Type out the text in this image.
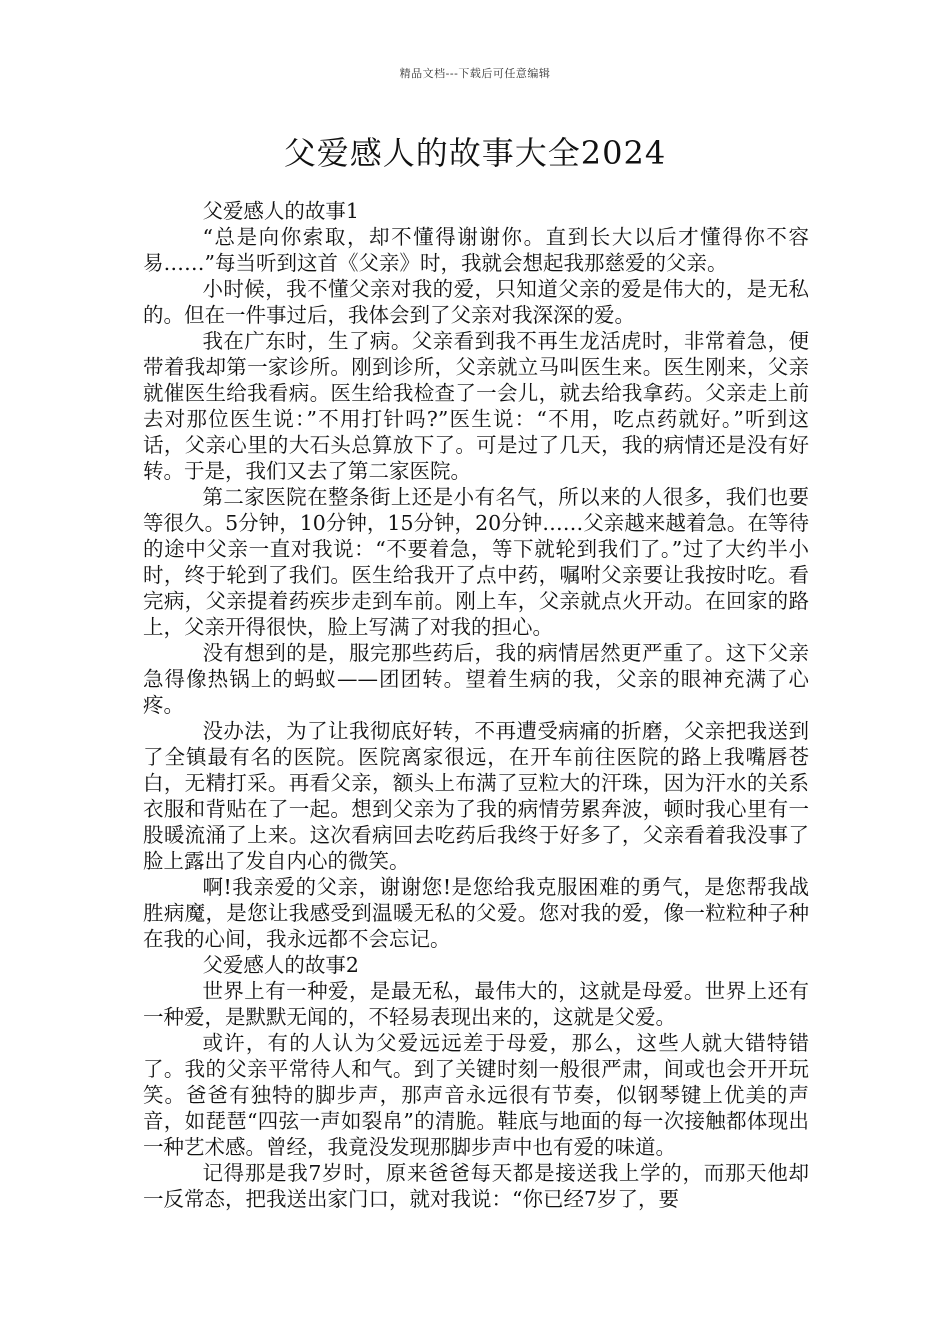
精品文档---下载后可任意编辑
父爱感人的故事大全2024

父爱感人的故事1

“总是向你索取，却不懂得谢谢你。直到长大以后才懂得你不容易……”每当听到这首《父亲》时，我就会想起我那慈爱的父亲。

小时候，我不懂父亲对我的爱，只知道父亲的爱是伟大的，是无私的。但在一件事过后，我体会到了父亲对我深深的爱。

我在广东时，生了病。父亲看到我不再生龙活虎时，非常着急，便带着我却第一家诊所。刚到诊所，父亲就立马叫医生来。医生刚来，父亲就催医生给我看病。医生给我检查了一会儿，就去给我拿药。父亲走上前去对那位医生说：”不用打针吗?”医生说：“不用，吃点药就好。”听到这话，父亲心里的大石头总算放下了。可是过了几天，我的病情还是没有好转。于是，我们又去了第二家医院。

第二家医院在整条街上还是小有名气，所以来的人很多，我们也要等很久。5分钟，10分钟，15分钟，20分钟……父亲越来越着急。在等待的途中父亲一直对我说：“不要着急，等下就轮到我们了。”过了大约半小时，终于轮到了我们。医生给我开了点中药，嘱咐父亲要让我按时吃。看完病，父亲提着药疾步走到车前。刚上车，父亲就点火开动。在回家的路上，父亲开得很快，脸上写满了对我的担心。

没有想到的是，服完那些药后，我的病情居然更严重了。这下父亲急得像热锅上的蚂蚁——团团转。望着生病的我，父亲的眼神充满了心疼。

没办法，为了让我彻底好转，不再遭受病痛的折磨，父亲把我送到了全镇最有名的医院。医院离家很远，在开车前往医院的路上我嘴唇苍白，无精打采。再看父亲，额头上布满了豆粒大的汗珠，因为汗水的关系衣服和背贴在了一起。想到父亲为了我的病情劳累奔波，顿时我心里有一股暖流涌了上来。这次看病回去吃药后我终于好多了，父亲看着我没事了脸上露出了发自内心的微笑。

啊!我亲爱的父亲，谢谢您!是您给我克服困难的勇气，是您帮我战胜病魔，是您让我感受到温暖无私的父爱。您对我的爱，像一粒粒种子种在我的心间，我永远都不会忘记。

父爱感人的故事2

世界上有一种爱，是最无私，最伟大的，这就是母爱。世界上还有一种爱，是默默无闻的，不轻易表现出来的，这就是父爱。

或许，有的人认为父爱远远差于母爱，那么，这些人就大错特错了。我的父亲平常待人和气。到了关键时刻一般很严肃，间或也会开开玩笑。爸爸有独特的脚步声，那声音永远很有节奏，似钢琴键上优美的声音，如琵琶“四弦一声如裂帛”的清脆。鞋底与地面的每一次接触都体现出一种艺术感。曾经，我竟没发现那脚步声中也有爱的味道。

记得那是我7岁时，原来爸爸每天都是接送我上学的，而那天他却一反常态，把我送出家门口，就对我说：“你已经7岁了，要
